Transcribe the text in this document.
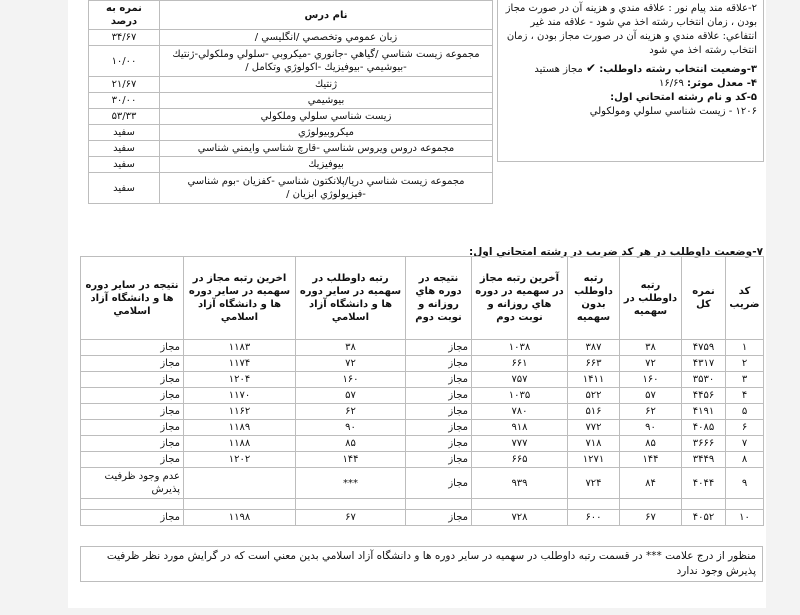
نام درس	نمره به درصد
زبان عمومي وتخصصي /انگليسي /	۳۴/۶۷
مجموعه زيست شناسي /گياهي -جانوري -ميكروبي -سلولي وملكولي-ژنتيك -بيوشيمي -بيوفيزيك -اكولوژي وتكامل /	۱۰/۰۰
ژنتيك	۲۱/۶۷
بيوشيمي	۳۰/۰۰
زيست شناسي سلولي وملكولي	۵۳/۳۳
ميكروبيولوژي	سفيد
مجموعه دروس ويروس شناسي -قارچ شناسي وايمني شناسي	سفيد
بيوفيزيك	سفيد
مجموعه زيست شناسي دريا/پلانكتون شناسي -كفزيان -بوم شناسي -فيزيولوژي ابزيان /	سفيد

۲-علاقه مند پيام نور : علاقه مندي و هزينه آن در صورت مجاز بودن ، زمان انتخاب رشته اخذ مي شود - علاقه مند غير انتفاعي: علاقه مندي و هزينه آن در صورت مجاز بودن ، زمان انتخاب رشته اخذ مي شود

۳-وضعيت انتخاب رشته داوطلب: ✔ مجاز هستيد

۴- معدل موثر: ۱۶/۶۹

۵-کد و نام رشته امتحاني اول:
۱۲۰۶ - زيست شناسي سلولي ومولكولي

۷-وضعيت داوطلب در هر كد ضريب در رشته امتحاني اول:
كد ضريب	نمره كل	رتبه داوطلب در سهميه	رتبه داوطلب بدون سهميه	آخرين رتبه مجاز در سهميه در دوره هاي روزانه و نوبت دوم	نتيجه در دوره هاي روزانه و نوبت دوم	رتبه داوطلب در سهميه در ساير دوره ها و دانشگاه آزاد اسلامي	اخرين رتبه مجاز در سهميه در ساير دوره ها و دانشگاه آزاد اسلامي	نتيجه در ساير دوره ها و دانشگاه آزاد اسلامي
۱	۴۷۵۹	۳۸	۳۸۷	۱۰۳۸	مجاز	۳۸	۱۱۸۳	مجاز
۲	۴۳۱۷	۷۲	۶۶۳	۶۶۱	مجاز	۷۲	۱۱۷۴	مجاز
۳	۳۵۳۰	۱۶۰	۱۴۱۱	۷۵۷	مجاز	۱۶۰	۱۲۰۴	مجاز
۴	۴۴۵۶	۵۷	۵۲۲	۱۰۳۵	مجاز	۵۷	۱۱۷۰	مجاز
۵	۴۱۹۱	۶۲	۵۱۶	۷۸۰	مجاز	۶۲	۱۱۶۲	مجاز
۶	۴۰۸۵	۹۰	۷۷۲	۹۱۸	مجاز	۹۰	۱۱۸۹	مجاز
۷	۳۶۶۶	۸۵	۷۱۸	۷۷۷	مجاز	۸۵	۱۱۸۸	مجاز
۸	۳۴۴۹	۱۴۴	۱۲۷۱	۶۶۵	مجاز	۱۴۴	۱۲۰۲	مجاز
۹	۴۰۴۴	۸۴	۷۲۴	۹۳۹	مجاز	***		عدم وجود ظرفيت پذيرش

۱۰	۴۰۵۲	۶۷	۶۰۰	۷۲۸	مجاز	۶۷	۱۱۹۸	مجاز
منظور از درج علامت *** در قسمت رتبه داوطلب در سهميه در ساير دوره ها و دانشگاه آزاد اسلامي بدين معني است كه در گرايش مورد نظر ظرفيت پذيرش وجود ندارد
